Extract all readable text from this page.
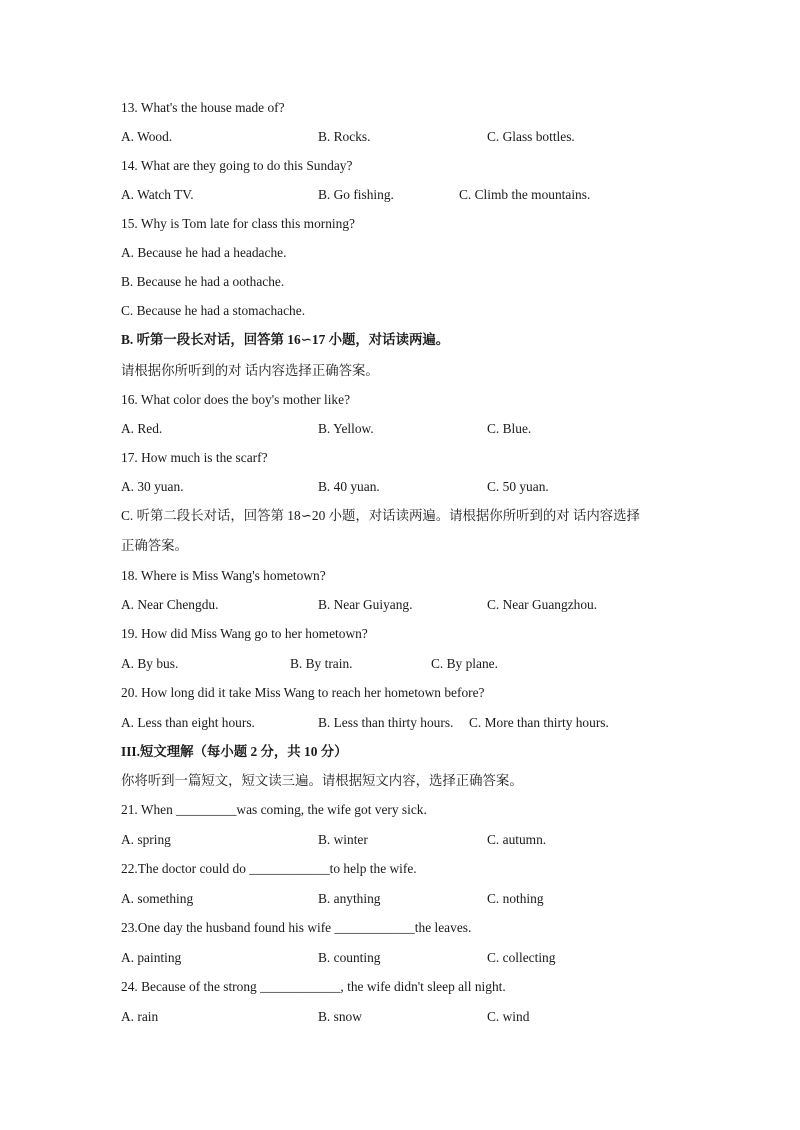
13. What's the house made of?
A. Wood.	B. Rocks.	C. Glass bottles.
14. What are they going to do this Sunday?
A. Watch TV.	B. Go fishing.	C. Climb the mountains.
15. Why is Tom late for class this morning?
A. Because he had a headache.
B. Because he had a oothache.
C. Because he had a stomachache.
B. 听第一段长对话，回答第 16∽17 小题，对话读两遍。
请根据你所听到的对 话内容选择正确答案。
16. What color does the boy's mother like?
A. Red.	B. Yellow.	C. Blue.
17. How much is the scarf?
A. 30 yuan.	B. 40 yuan.	C. 50 yuan.
C. 听第二段长对话，回答第 18∽20 小题，对话读两遍。请根据你所听到的对 话内容选择
正确答案。
18. Where is Miss Wang's hometown?
A. Near Chengdu.	B. Near Guiyang.	C. Near Guangzhou.
19. How did Miss Wang go to her hometown?
A. By bus.	B. By train.	C. By plane.
20. How long did it take Miss Wang to reach her hometown before?
A. Less than eight hours.	B. Less than thirty hours. C. More than thirty hours.
III.短文理解（每小题 2 分，共 10 分）
你将听到一篇短文，短文读三遍。请根据短文内容，选择正确答案。
21. When _________was coming, the wife got very sick.
A. spring	B. winter	C. autumn.
22.The doctor could do ____________to help the wife.
A. something	B. anything	C. nothing
23.One day the husband found his wife ____________the leaves.
A. painting	B. counting	C. collecting
24. Because of the strong ____________, the wife didn't sleep all night.
A. rain	B. snow	C. wind
